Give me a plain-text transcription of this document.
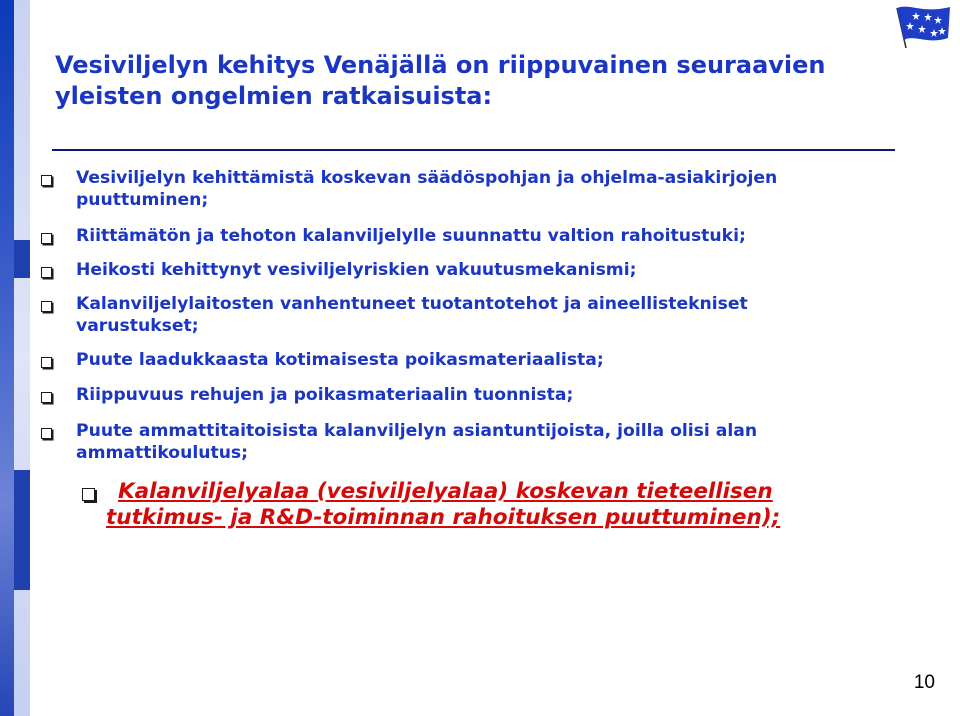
Vesiviljelyn kehitys Venäjällä on riippuvainen seuraavien yleisten ongelmien ratkaisuista:
Vesiviljelyn kehittämistä koskevan säädöspohjan ja ohjelma-asiakirjojen puuttuminen;
Riittämätön ja tehoton kalanviljelylle suunnattu valtion rahoitustuki;
Heikosti kehittynyt vesiviljelyriskien vakuutusmekanismi;
Kalanviljelylaitosten vanhentuneet tuotantotehot ja aineellistekniset varustukset;
Puute laadukkaasta kotimaisesta poikasmateriaalista;
Riippuvuus rehujen ja poikasmateriaalin tuonnista;
Puute ammattitaitoisista kalanviljelyn asiantuntijoista, joilla olisi alan ammattikoulutus;
Kalanviljelyalaa (vesiviljelyalaa) koskevan tieteellisen tutkimus- ja R&D-toiminnan rahoituksen puuttuminen);
10
